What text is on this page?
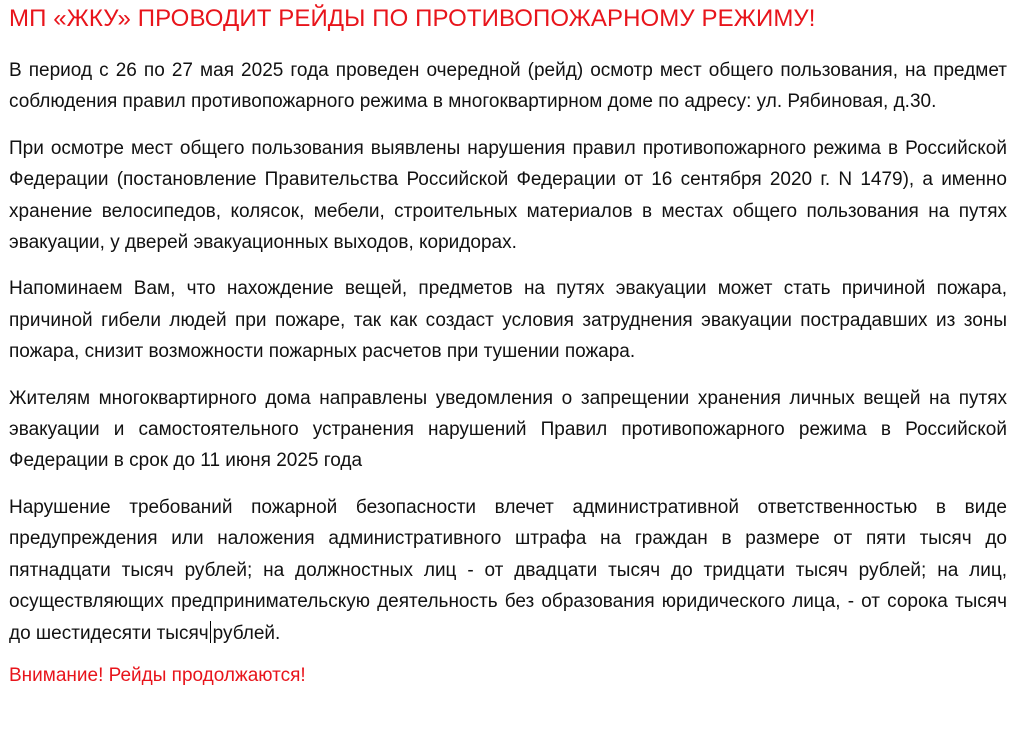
МП «ЖКУ» ПРОВОДИТ РЕЙДЫ ПО ПРОТИВОПОЖАРНОМУ РЕЖИМУ!

В период с 26 по 27 мая 2025 года проведен очередной (рейд) осмотр мест общего пользования, на предмет соблюдения правил противопожарного режима в многоквартирном доме по адресу: ул. Рябиновая, д.30.

При осмотре мест общего пользования выявлены нарушения правил противопожарного режима в Российской Федерации (постановление Правительства Российской Федерации от 16 сентября 2020 г. N 1479), а именно хранение велосипедов, колясок, мебели, строительных материалов в местах общего пользования на путях эвакуации, у дверей эвакуационных выходов, коридорах.

Напоминаем Вам, что нахождение вещей, предметов на путях эвакуации может стать причиной пожара, причиной гибели людей при пожаре, так как создаст условия затруднения эвакуации пострадавших из зоны пожара, снизит возможности пожарных расчетов при тушении пожара.

Жителям многоквартирного дома направлены уведомления о запрещении хранения личных вещей на путях эвакуации и самостоятельного устранения нарушений Правил противопожарного режима в Российской Федерации в срок до 11 июня 2025 года

Нарушение требований пожарной безопасности влечет административной ответственностью в виде предупреждения или наложения административного штрафа на граждан в размере от пяти тысяч до пятнадцати тысяч рублей; на должностных лиц - от двадцати тысяч до тридцати тысяч рублей; на лиц, осуществляющих предпринимательскую деятельность без образования юридического лица, - от сорока тысяч до шестидесяти тысяч рублей.

Внимание! Рейды продолжаются!
